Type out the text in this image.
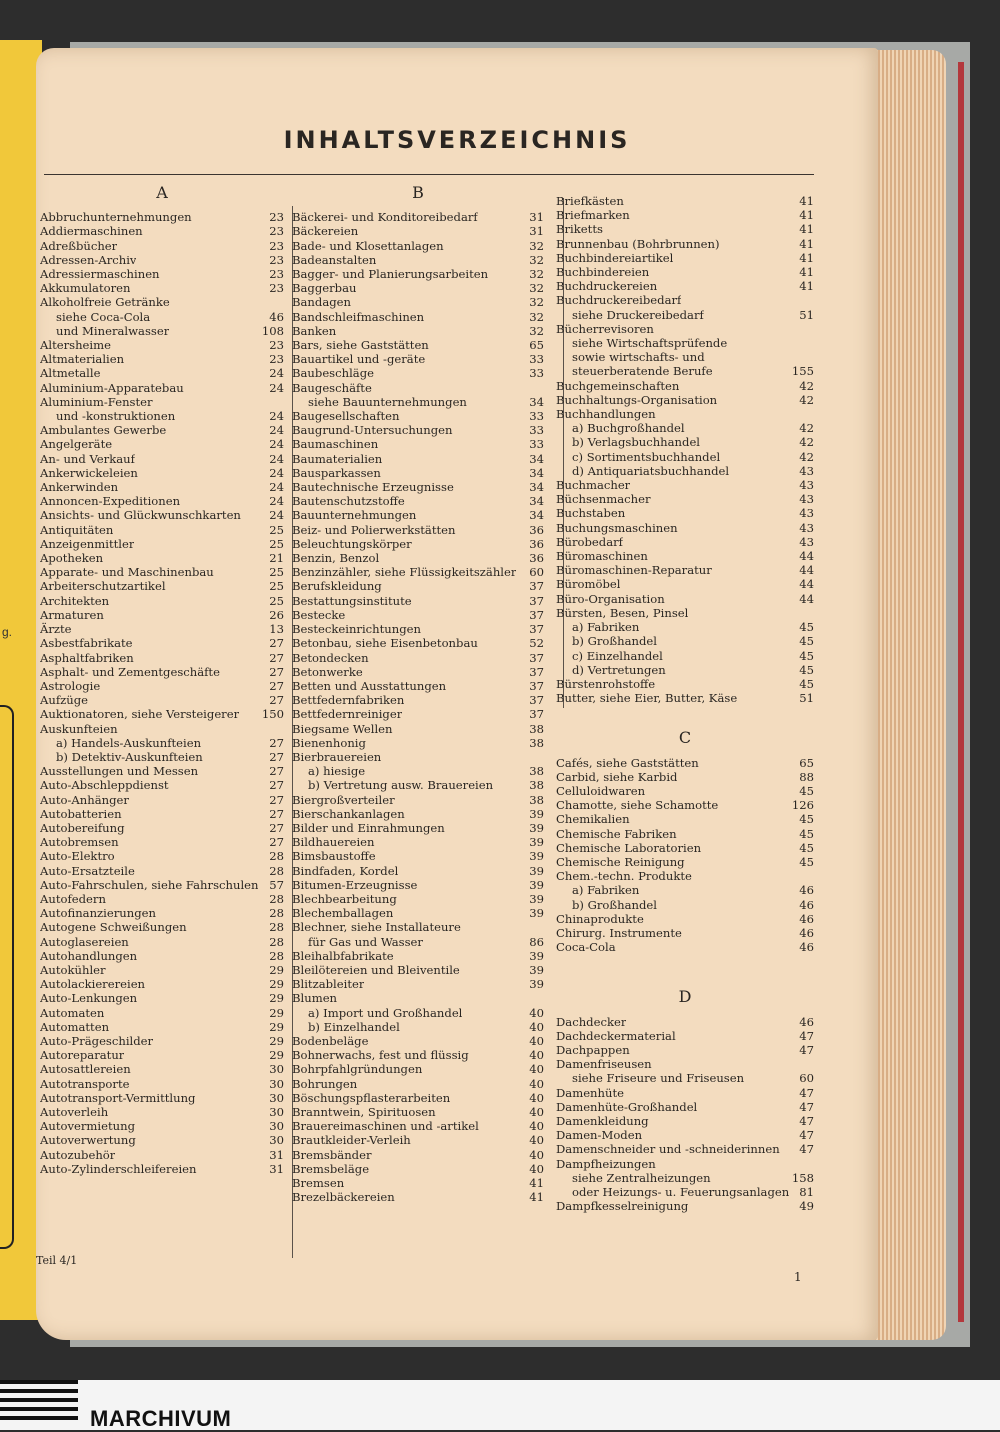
g.
INHALTSVERZEICHNIS
A
Abbruchunternehmungen	23
Addiermaschinen	23
Adreßbücher	23
Adressen-Archiv	23
Adressiermaschinen	23
Akkumulatoren	23
Alkoholfreie Getränke
siehe Coca-Cola	46
und Mineralwasser	108
Altersheime	23
Altmaterialien	23
Altmetalle	24
Aluminium-Apparatebau	24
Aluminium-Fenster
und -konstruktionen	24
Ambulantes Gewerbe	24
Angelgeräte	24
An- und Verkauf	24
Ankerwickeleien	24
Ankerwinden	24
Annoncen-Expeditionen	24
Ansichts- und Glückwunschkarten	24
Antiquitäten	25
Anzeigenmittler	25
Apotheken	21
Apparate- und Maschinenbau	25
Arbeiterschutzartikel	25
Architekten	25
Armaturen	26
Ärzte	13
Asbestfabrikate	27
Asphaltfabriken	27
Asphalt- und Zementgeschäfte	27
Astrologie	27
Aufzüge	27
Auktionatoren, siehe Versteigerer	150
Auskunfteien
a) Handels-Auskunfteien	27
b) Detektiv-Auskunfteien	27
Ausstellungen und Messen	27
Auto-Abschleppdienst	27
Auto-Anhänger	27
Autobatterien	27
Autobereifung	27
Autobremsen	27
Auto-Elektro	28
Auto-Ersatzteile	28
Auto-Fahrschulen, siehe Fahrschulen 57
Autofedern	28
Autofinanzierungen	28
Autogene Schweißungen	28
Autoglasereien	28
Autohandlungen	28
Autokühler	29
Autolackierereien	29
Auto-Lenkungen	29
Automaten	29
Automatten	29
Auto-Prägeschilder	29
Autoreparatur	29
Autosattlereien	30
Autotransporte	30
Autotransport-Vermittlung	30
Autoverleih	30
Autovermietung	30
Autoverwertung	30
Autozubehör	31
Auto-Zylinderschleifereien	31
B
Bäckerei- und Konditoreibedarf	31
Bäckereien	31
Bade- und Klosettanlagen	32
Badeanstalten	32
Bagger- und Planierungsarbeiten	32
Baggerbau	32
Bandagen	32
Bandschleifmaschinen	32
Banken	32
Bars, siehe Gaststätten	65
Bauartikel und -geräte	33
Baubeschläge	33
Baugeschäfte
siehe Bauunternehmungen	34
Baugesellschaften	33
Baugrund-Untersuchungen	33
Baumaschinen	33
Baumaterialien	34
Bausparkassen	34
Bautechnische Erzeugnisse	34
Bautenschutzstoffe	34
Bauunternehmungen	34
Beiz- und Polierwerkstätten	36
Beleuchtungskörper	36
Benzin, Benzol	36
Benzinzähler, siehe Flüssigkeitszähler	60
Berufskleidung	37
Bestattungsinstitute	37
Bestecke	37
Besteckeinrichtungen	37
Betonbau, siehe Eisenbetonbau	52
Betondecken	37
Betonwerke	37
Betten und Ausstattungen	37
Bettfedernfabriken	37
Bettfedernreiniger	37
Biegsame Wellen	38
Bienenhonig	38
Bierbrauereien
a) hiesige	38
b) Vertretung ausw. Brauereien	38
Biergroßverteiler	38
Bierschankanlagen	39
Bilder und Einrahmungen	39
Bildhauereien	39
Bimsbaustoffe	39
Bindfaden, Kordel	39
Bitumen-Erzeugnisse	39
Blechbearbeitung	39
Blechemballagen	39
Blechner, siehe Installateure
für Gas und Wasser	86
Bleihalbfabrikate	39
Bleilötereien und Bleiventile	39
Blitzableiter	39
Blumen
a) Import und Großhandel	40
b) Einzelhandel	40
Bodenbeläge	40
Bohnerwachs, fest und flüssig	40
Bohrpfahlgründungen	40
Bohrungen	40
Böschungspflasterarbeiten	40
Branntwein, Spirituosen	40
Brauereimaschinen und -artikel	40
Brautkleider-Verleih	40
Bremsbänder	40
Bremsbeläge	40
Bremsen	41
Brezelbäckereien	41
Briefkästen	41
Briefmarken	41
Briketts	41
Brunnenbau (Bohrbrunnen)	41
Buchbindereiartikel	41
Buchbindereien	41
Buchdruckereien	41
Buchdruckereibedarf
siehe Druckereibedarf	51
Bücherrevisoren
siehe Wirtschaftsprüfende
sowie wirtschafts- und
steuerberatende Berufe	155
Buchgemeinschaften	42
Buchhaltungs-Organisation	42
Buchhandlungen
a) Buchgroßhandel	42
b) Verlagsbuchhandel	42
c) Sortimentsbuchhandel	42
d) Antiquariatsbuchhandel	43
Buchmacher	43
Büchsenmacher	43
Buchstaben	43
Buchungsmaschinen	43
Bürobedarf	43
Büromaschinen	44
Büromaschinen-Reparatur	44
Büromöbel	44
Büro-Organisation	44
Bürsten, Besen, Pinsel
a) Fabriken	45
b) Großhandel	45
c) Einzelhandel	45
d) Vertretungen	45
Bürstenrohstoffe	45
Butter, siehe Eier, Butter, Käse	51
C
Cafés, siehe Gaststätten	65
Carbid, siehe Karbid	88
Celluloidwaren	45
Chamotte, siehe Schamotte	126
Chemikalien	45
Chemische Fabriken	45
Chemische Laboratorien	45
Chemische Reinigung	45
Chem.-techn. Produkte
a) Fabriken	46
b) Großhandel	46
Chinaprodukte	46
Chirurg. Instrumente	46
Coca-Cola	46
D
Dachdecker	46
Dachdeckermaterial	47
Dachpappen	47
Damenfriseusen
siehe Friseure und Friseusen	60
Damenhüte	47
Damenhüte-Großhandel	47
Damenkleidung	47
Damen-Moden	47
Damenschneider und -schneiderinnen	47
Dampfheizungen
siehe Zentralheizungen	158
oder Heizungs- u. Feuerungsanlagen 81
Dampfkesselreinigung	49
Teil 4/1
1
MARCHIVUM
